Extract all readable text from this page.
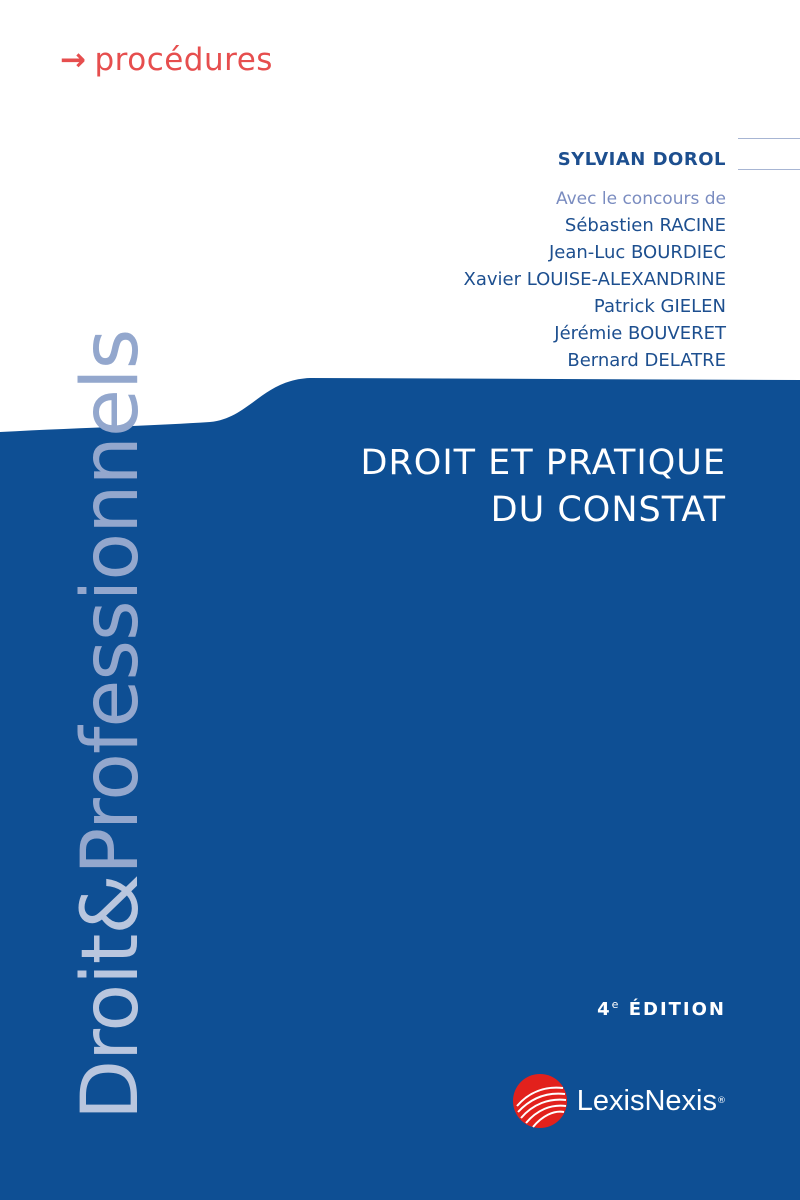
→ procédures
Droit&Professionnels
SYLVIAN DOROL
Avec le concours de
Sébastien RACINE
Jean-Luc BOURDIEC
Xavier LOUISE-ALEXANDRINE
Patrick GIELEN
Jérémie BOUVERET
Bernard DELATRE
DROIT ET PRATIQUE
DU CONSTAT
4e ÉDITION
LexisNexis ®
